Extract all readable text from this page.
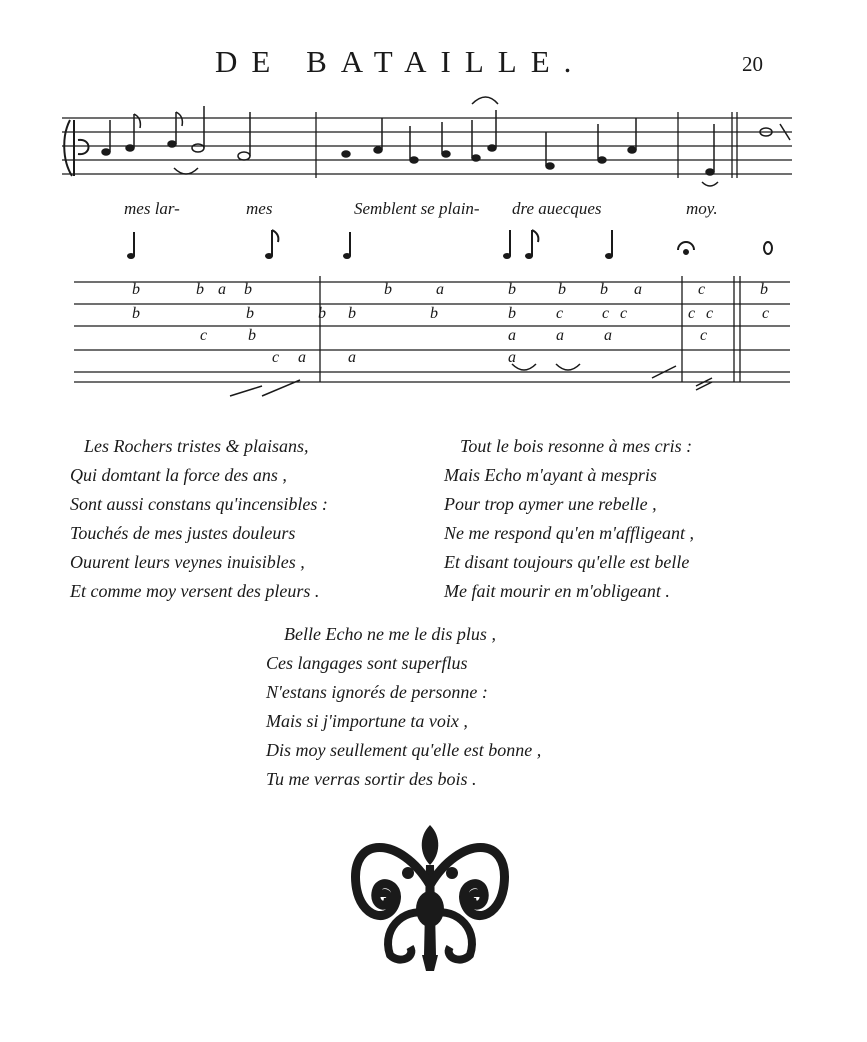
DE BATAILLE.	20
b	b a b	b	a	b	b b a	c	b
b	b	b b	b	b	c c c	c c	c
c	b	a	a	a	c
c a	a	a
mes lar-	mes	Semblent se plain- dre auecques	moy.
Les Rochers tristes & plaisans,
Qui domtant la force des ans ,
Sont aussi constans qu'incensibles :
Touchés de mes justes douleurs
Ouurent leurs veynes inuisibles ,
Et comme moy versent des pleurs .
Tout le bois resonne à mes cris :
Mais Echo m'ayant à mespris
Pour trop aymer une rebelle ,
Ne me respond qu'en m'affligeant ,
Et disant toujours qu'elle est belle
Me fait mourir en m'obligeant .
Belle Echo ne me le dis plus ,
Ces langages sont superflus
N'estans ignorés de personne :
Mais si j'importune ta voix ,
Dis moy seullement qu'elle est bonne ,
Tu me verras sortir des bois .
